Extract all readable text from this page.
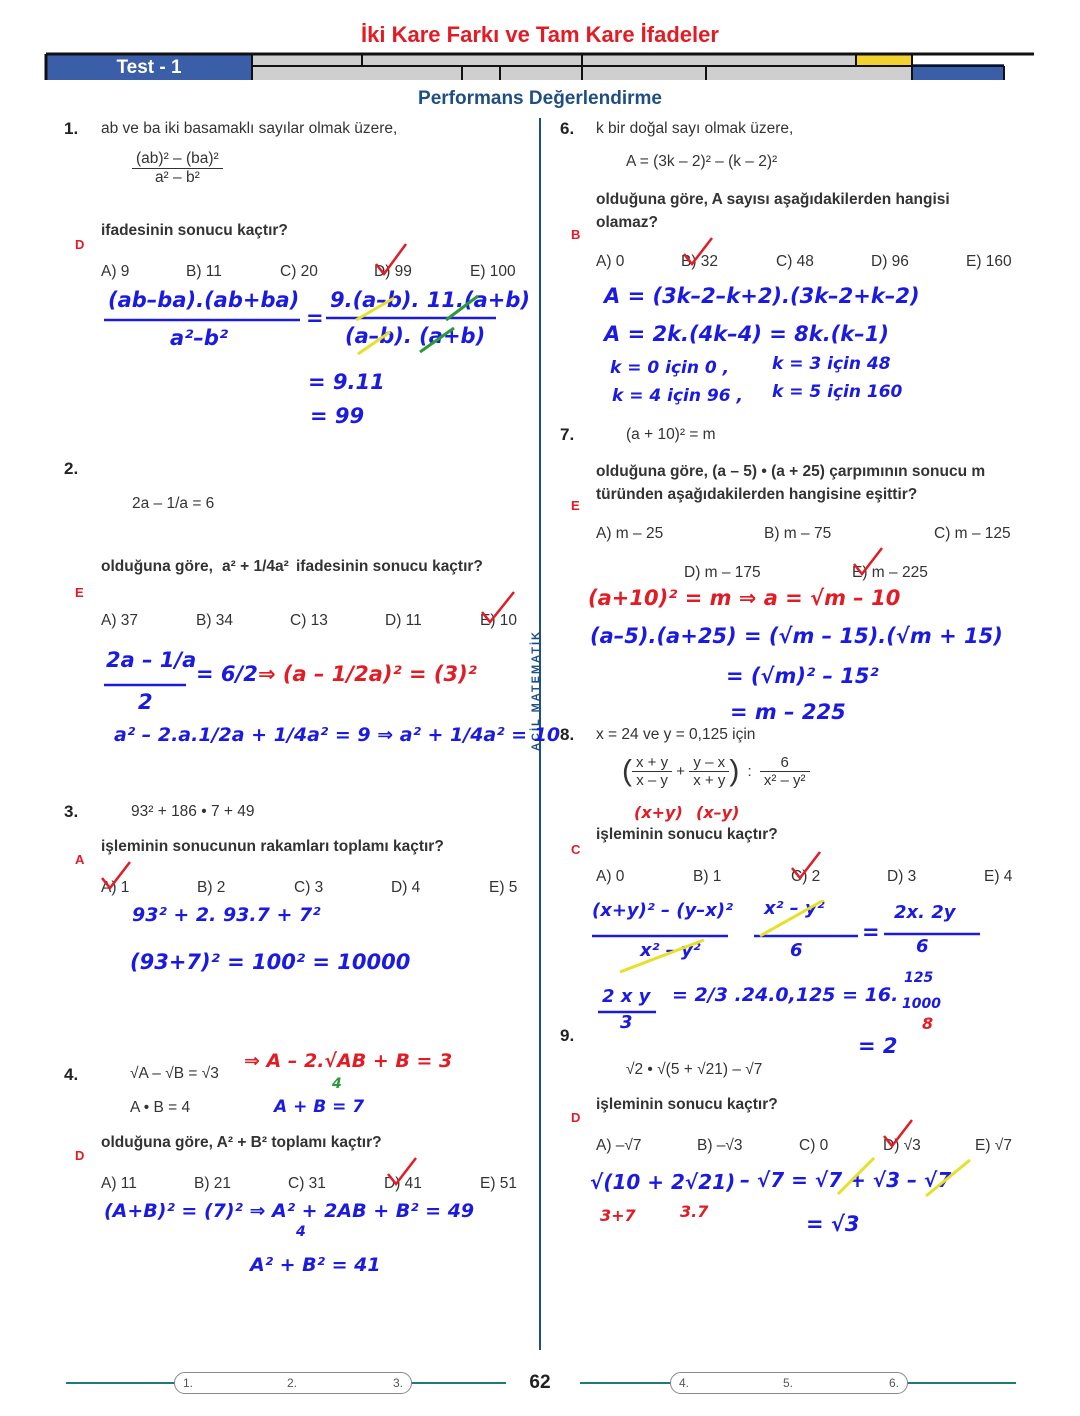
İki Kare Farkı ve Tam Kare İfadeler
Test - 1
Performans Değerlendirme
ACİL MATEMATİK
1. ab ve ba iki basamaklı sayılar olmak üzere,
$\frac{\text{(ab)² – (ba)²}}{\text{a² – b²}}$
D
ifadesinin sonucu kaçtır?
A) 9	B) 11	C) 20	D) 99	E) 100
(ab–ba).(ab+ba)
a²–b²
=
9.(a–b). 11.(a+b)
(a–b). (a+b)
= 9.11
= 99
2.
2a – 1/a = 6
olduğuna göre, a² + 1/4a² ifadesinin sonucu kaçtır?
E
A) 37	B) 34	C) 13	D) 11	E) 10
2a – 1/a
2
= 6/2 ⇒ (a – 1/2a)² = (3)²
a² – 2.a.1/2a + 1/4a² = 9 ⇒ a² + 1/4a² = 10
3.	93² + 186 • 7 + 49
işleminin sonucunun rakamları toplamı kaçtır?
A
A) 1	B) 2	C) 3	D) 4	E) 5
93² + 2. 93.7 + 7²
(93+7)² = 100² = 10000
4.	√A – √B = √3
⇒ A – 2.√AB + B = 3
4
A • B = 4	A + B = 7
olduğuna göre, A² + B² toplamı kaçtır?
D
A) 11	B) 21	C) 31	D) 41	E) 51
(A+B)² = (7)² ⇒ A² + 2AB + B² = 49
4
A² + B² = 41
6. k bir doğal sayı olmak üzere,
A = (3k – 2)² – (k – 2)²
olduğuna göre, A sayısı aşağıdakilerden hangisi olamaz?
B
A) 0	B) 32	C) 48	D) 96	E) 160
A = (3k–2–k+2).(3k–2+k–2)
A = 2k.(4k–4) = 8k.(k–1)
k = 0 için 0 ,	k = 3 için 48
k = 4 için 96 , k = 5 için 160
7.	(a + 10)² = m
olduğuna göre, (a – 5) • (a + 25) çarpımının sonucu m türünden aşağıdakilerden hangisine eşittir?
E
A) m – 25	B) m – 75	C) m – 125
D) m – 175	E) m – 225
(a+10)² = m ⇒ a = √m – 10
(a–5).(a+25) = (√m – 15).(√m + 15)
= (√m)² – 15²
= m – 225
8. x = 24 ve y = 0,125 için
( $\frac{x + y}{x - y} + \frac{y - x}{x + y}$ ) : $\frac{6}{\text{x² – y²}}$
(x+y) (x–y)
işleminin sonucu kaçtır?
C
A) 0	B) 1	C) 2	D) 3	E) 4
(x+y)² – (y–x)²
x² – y²
x² – y²
6
=
2x. 2y
6
2 x y
3
= 2/3 .24.0,125 = 16.
125
1000
8
= 2
9.
√2 • √(5 + √21) – √7
işleminin sonucu kaçtır?
D
A) –√7	B) –√3	C) 0	D) √3	E) √7
√(10 + 2√21) – √7 = √7 + √3 – √7
3+7	3.7
= √3
1.	2.	3.	62	4.	5.	6.
